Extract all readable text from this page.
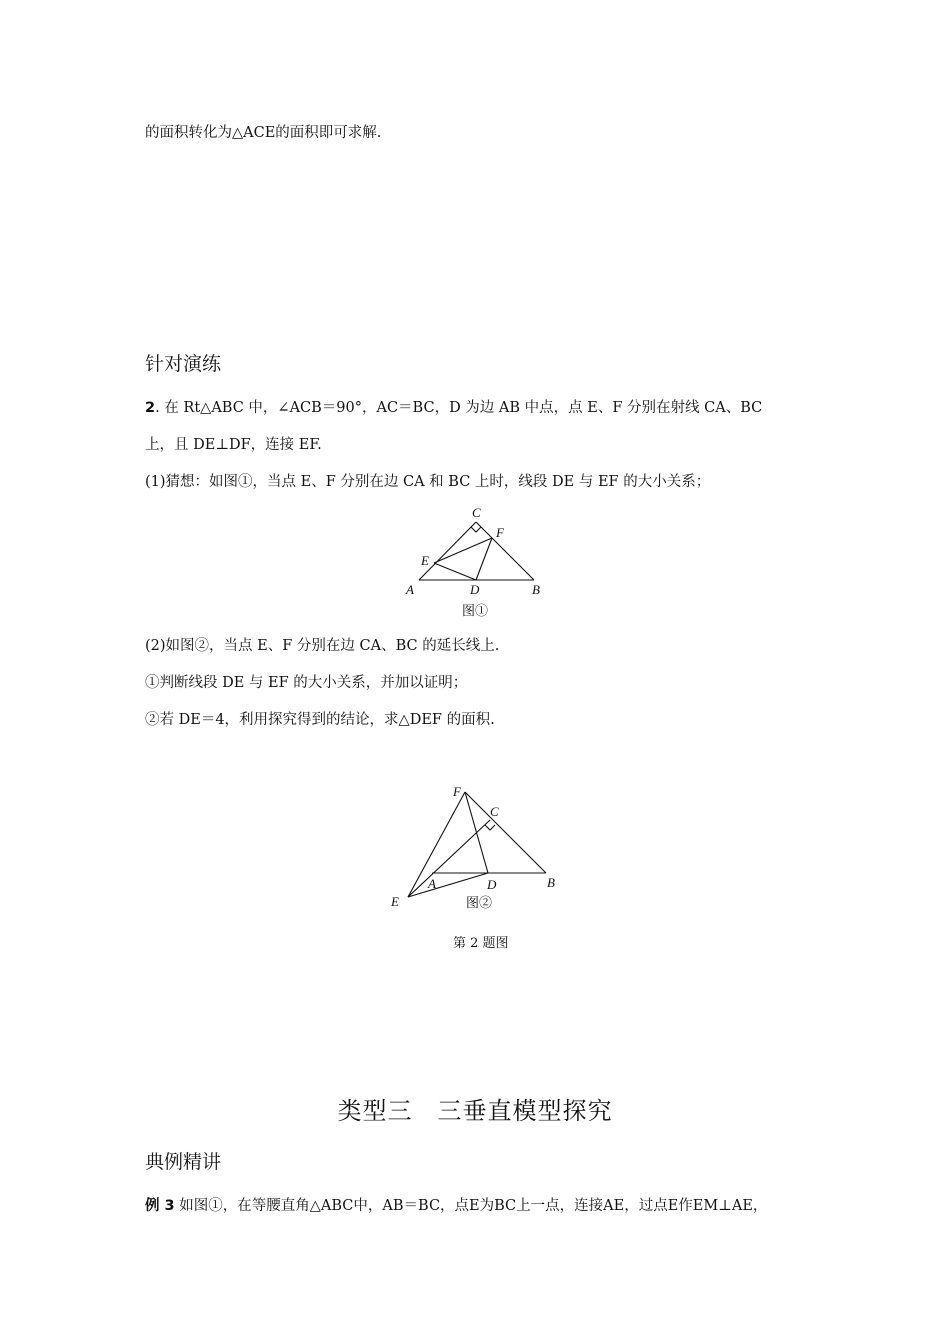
的面积转化为△ACE的面积即可求解.
针对演练
2. 在 Rt△ABC 中，∠ACB＝90°，AC＝BC，D 为边 AB 中点，点 E、F 分别在射线 CA、BC
上，且 DE⊥DF，连接 EF.
(1)猜想：如图①，当点 E、F 分别在边 CA 和 BC 上时，线段 DE 与 EF 的大小关系；
C
F
E
A	D	B
图①
(2)如图②，当点 E、F 分别在边 CA、BC 的延长线上.
①判断线段 DE 与 EF 的大小关系，并加以证明；
②若 DE＝4，利用探究得到的结论，求△DEF 的面积.
F
C
A	D	B
E	图②
第 2 题图
类型三　三垂直模型探究
典例精讲
例 3 如图①，在等腰直角△ABC中，AB＝BC，点E为BC上一点，连接AE，过点E作EM⊥AE，
